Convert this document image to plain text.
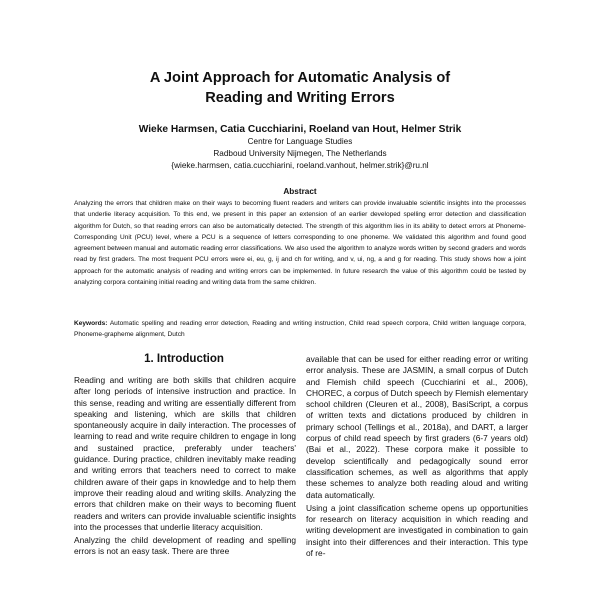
A Joint Approach for Automatic Analysis of
Reading and Writing Errors
Wieke Harmsen, Catia Cucchiarini, Roeland van Hout, Helmer Strik
Centre for Language Studies
Radboud University Nijmegen, The Netherlands
{wieke.harmsen, catia.cucchiarini, roeland.vanhout, helmer.strik}@ru.nl
Abstract

Analyzing the errors that children make on their ways to becoming fluent readers and writers can provide invaluable scientific insights into the processes that underlie literacy acquisition. To this end, we present in this paper an extension of an earlier developed spelling error detection and classification algorithm for Dutch, so that reading errors can also be automatically detected. The strength of this algorithm lies in its ability to detect errors at Phoneme-Corresponding Unit (PCU) level, where a PCU is a sequence of letters corresponding to one phoneme. We validated this algorithm and found good agreement between manual and automatic reading error classifications. We also used the algorithm to analyze words written by second graders and words read by first graders. The most frequent PCU errors were ei, eu, g, ij and ch for writing, and v, ui, ng, a and g for reading. This study shows how a joint approach for the automatic analysis of reading and writing errors can be implemented. In future research the value of this algorithm could be tested by analyzing corpora containing initial reading and writing data from the same children.

Keywords: Automatic spelling and reading error detection, Reading and writing instruction, Child read speech corpora, Child written language corpora, Phoneme-grapheme alignment, Dutch

1. Introduction

Reading and writing are both skills that children acquire after long periods of intensive instruction and practice. In this sense, reading and writing are essentially different from speaking and listening, which are skills that children spontaneously acquire in daily interaction. The processes of learning to read and write require children to engage in long and sustained practice, preferably under teachers' guidance. During practice, children inevitably make reading and writing errors that teachers need to correct to make children aware of their gaps in knowledge and to help them improve their reading aloud and writing skills. Analyzing the errors that children make on their ways to becoming fluent readers and writers can provide invaluable scientific insights into the processes that underlie literacy acquisition.

Analyzing the child development of reading and spelling errors is not an easy task. There are three

available that can be used for either reading error or writing error analysis. These are JASMIN, a small corpus of Dutch and Flemish child speech (Cucchiarini et al., 2006), CHOREC, a corpus of Dutch speech by Flemish elementary school children (Cleuren et al., 2008), BasiScript, a corpus of written texts and dictations produced by children in primary school (Tellings et al., 2018a), and DART, a larger corpus of child read speech by first graders (6-7 years old) (Bai et al., 2022). These corpora make it possible to develop scientifically and pedagogically sound error classification schemes, as well as algorithms that apply these schemes to analyze both reading aloud and writing data automatically.

Using a joint classification scheme opens up opportunities for research on literacy acquisition in which reading and writing development are investigated in combination to gain insight into their differences and their interaction. This type of re-
